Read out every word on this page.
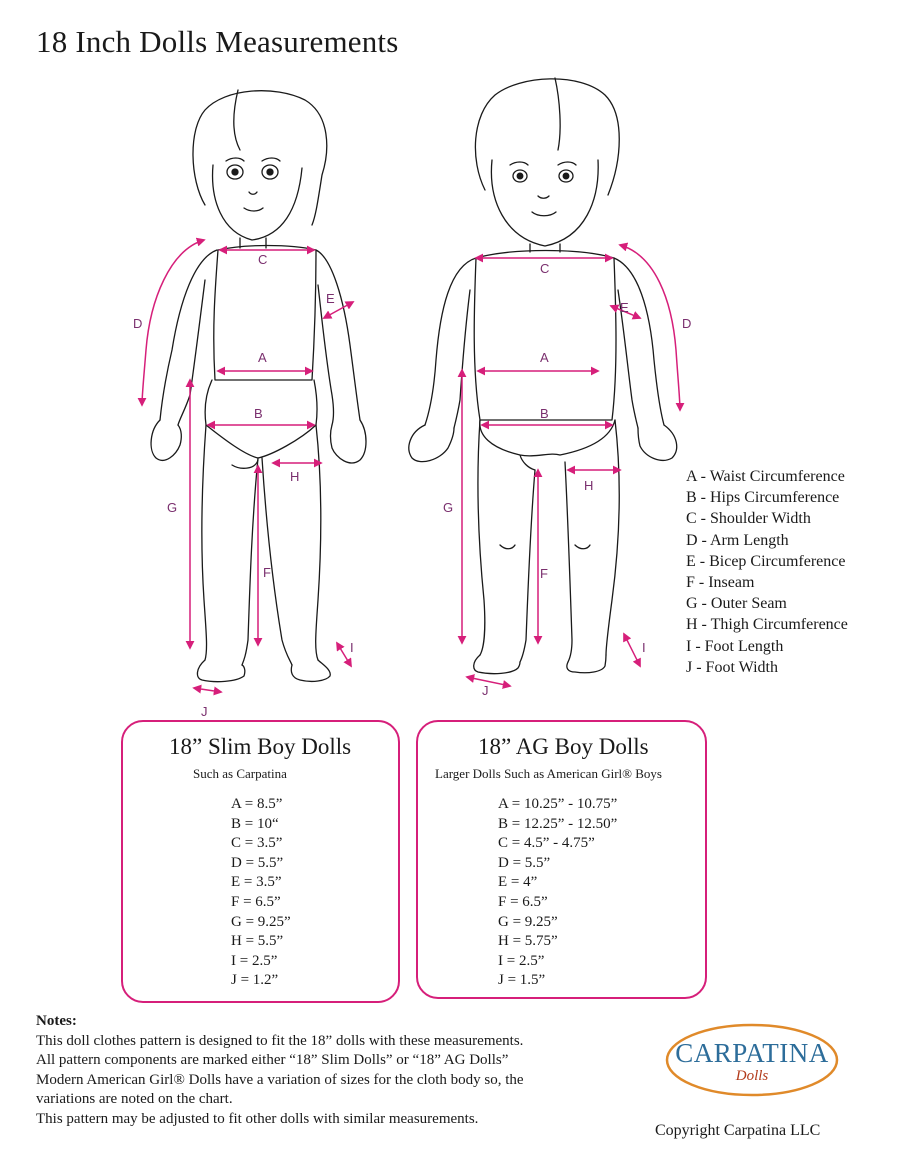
18 Inch Dolls Measurements
C
A
B
D
E
H
F
G
I
J
C
A
B
D
E
H
F
G
I
J
A - Waist Circumference
B - Hips Circumference
C - Shoulder Width
D - Arm Length
E - Bicep Circumference
F - Inseam
G - Outer Seam
H - Thigh Circumference
I - Foot Length
J - Foot Width
18” Slim Boy Dolls
Such as Carpatina
A = 8.5”
B = 10“
C = 3.5”
D = 5.5”
E = 3.5”
F = 6.5”
G = 9.25”
H = 5.5”
I = 2.5”
J = 1.2”
18” AG Boy Dolls
Larger Dolls Such as American Girl® Boys
A = 10.25” - 10.75”
B = 12.25” - 12.50”
C = 4.5” - 4.75”
D = 5.5”
E = 4”
F = 6.5”
G = 9.25”
H = 5.75”
I = 2.5”
J = 1.5”
Notes:
This doll clothes pattern is designed to fit the 18” dolls with these measurements.
All pattern components are marked either “18” Slim Dolls” or “18” AG Dolls”
Modern American Girl® Dolls have a variation of sizes for the cloth body so, the
variations are noted on the chart.
This pattern may be adjusted to fit other dolls with similar measurements.
CARPATINA
Dolls
Copyright Carpatina LLC
